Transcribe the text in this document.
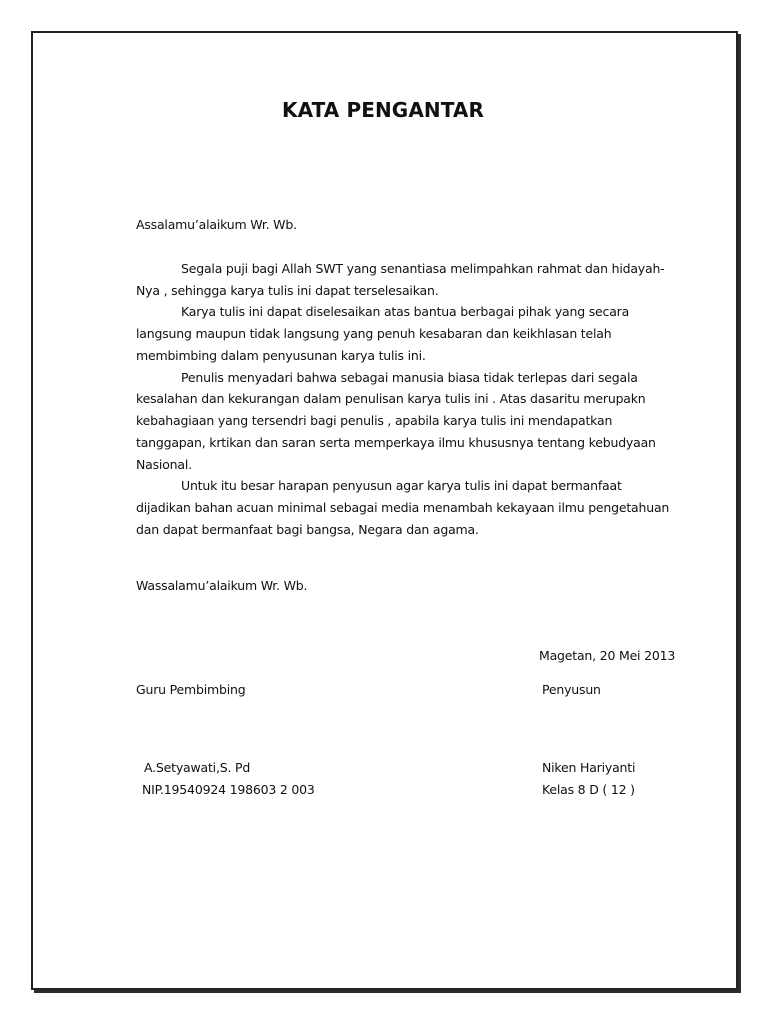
KATA PENGANTAR
Assalamu’alaikum Wr. Wb.
Segala puji bagi Allah SWT yang senantiasa melimpahkan rahmat dan hidayah-
Nya , sehingga karya tulis ini dapat terselesaikan.
Karya tulis ini dapat diselesaikan atas bantua berbagai pihak yang secara
langsung maupun tidak langsung yang penuh kesabaran dan keikhlasan telah
membimbing dalam penyusunan karya tulis ini.
Penulis menyadari bahwa sebagai manusia biasa tidak terlepas dari segala
kesalahan dan kekurangan dalam penulisan karya tulis ini . Atas dasaritu merupakn
kebahagiaan yang tersendri bagi penulis , apabila karya tulis ini mendapatkan
tanggapan, krtikan dan saran serta memperkaya ilmu khususnya tentang kebudyaan
Nasional.
Untuk itu besar harapan penyusun agar karya tulis ini dapat bermanfaat
dijadikan bahan acuan minimal sebagai media menambah kekayaan ilmu pengetahuan
dan dapat bermanfaat bagi bangsa, Negara dan agama.
Wassalamu’alaikum Wr. Wb.
Magetan, 20 Mei 2013
Guru Pembimbing	Penyusun
A.Setyawati,S. Pd	Niken Hariyanti
NIP.19540924 198603 2 003	Kelas 8 D ( 12 )
